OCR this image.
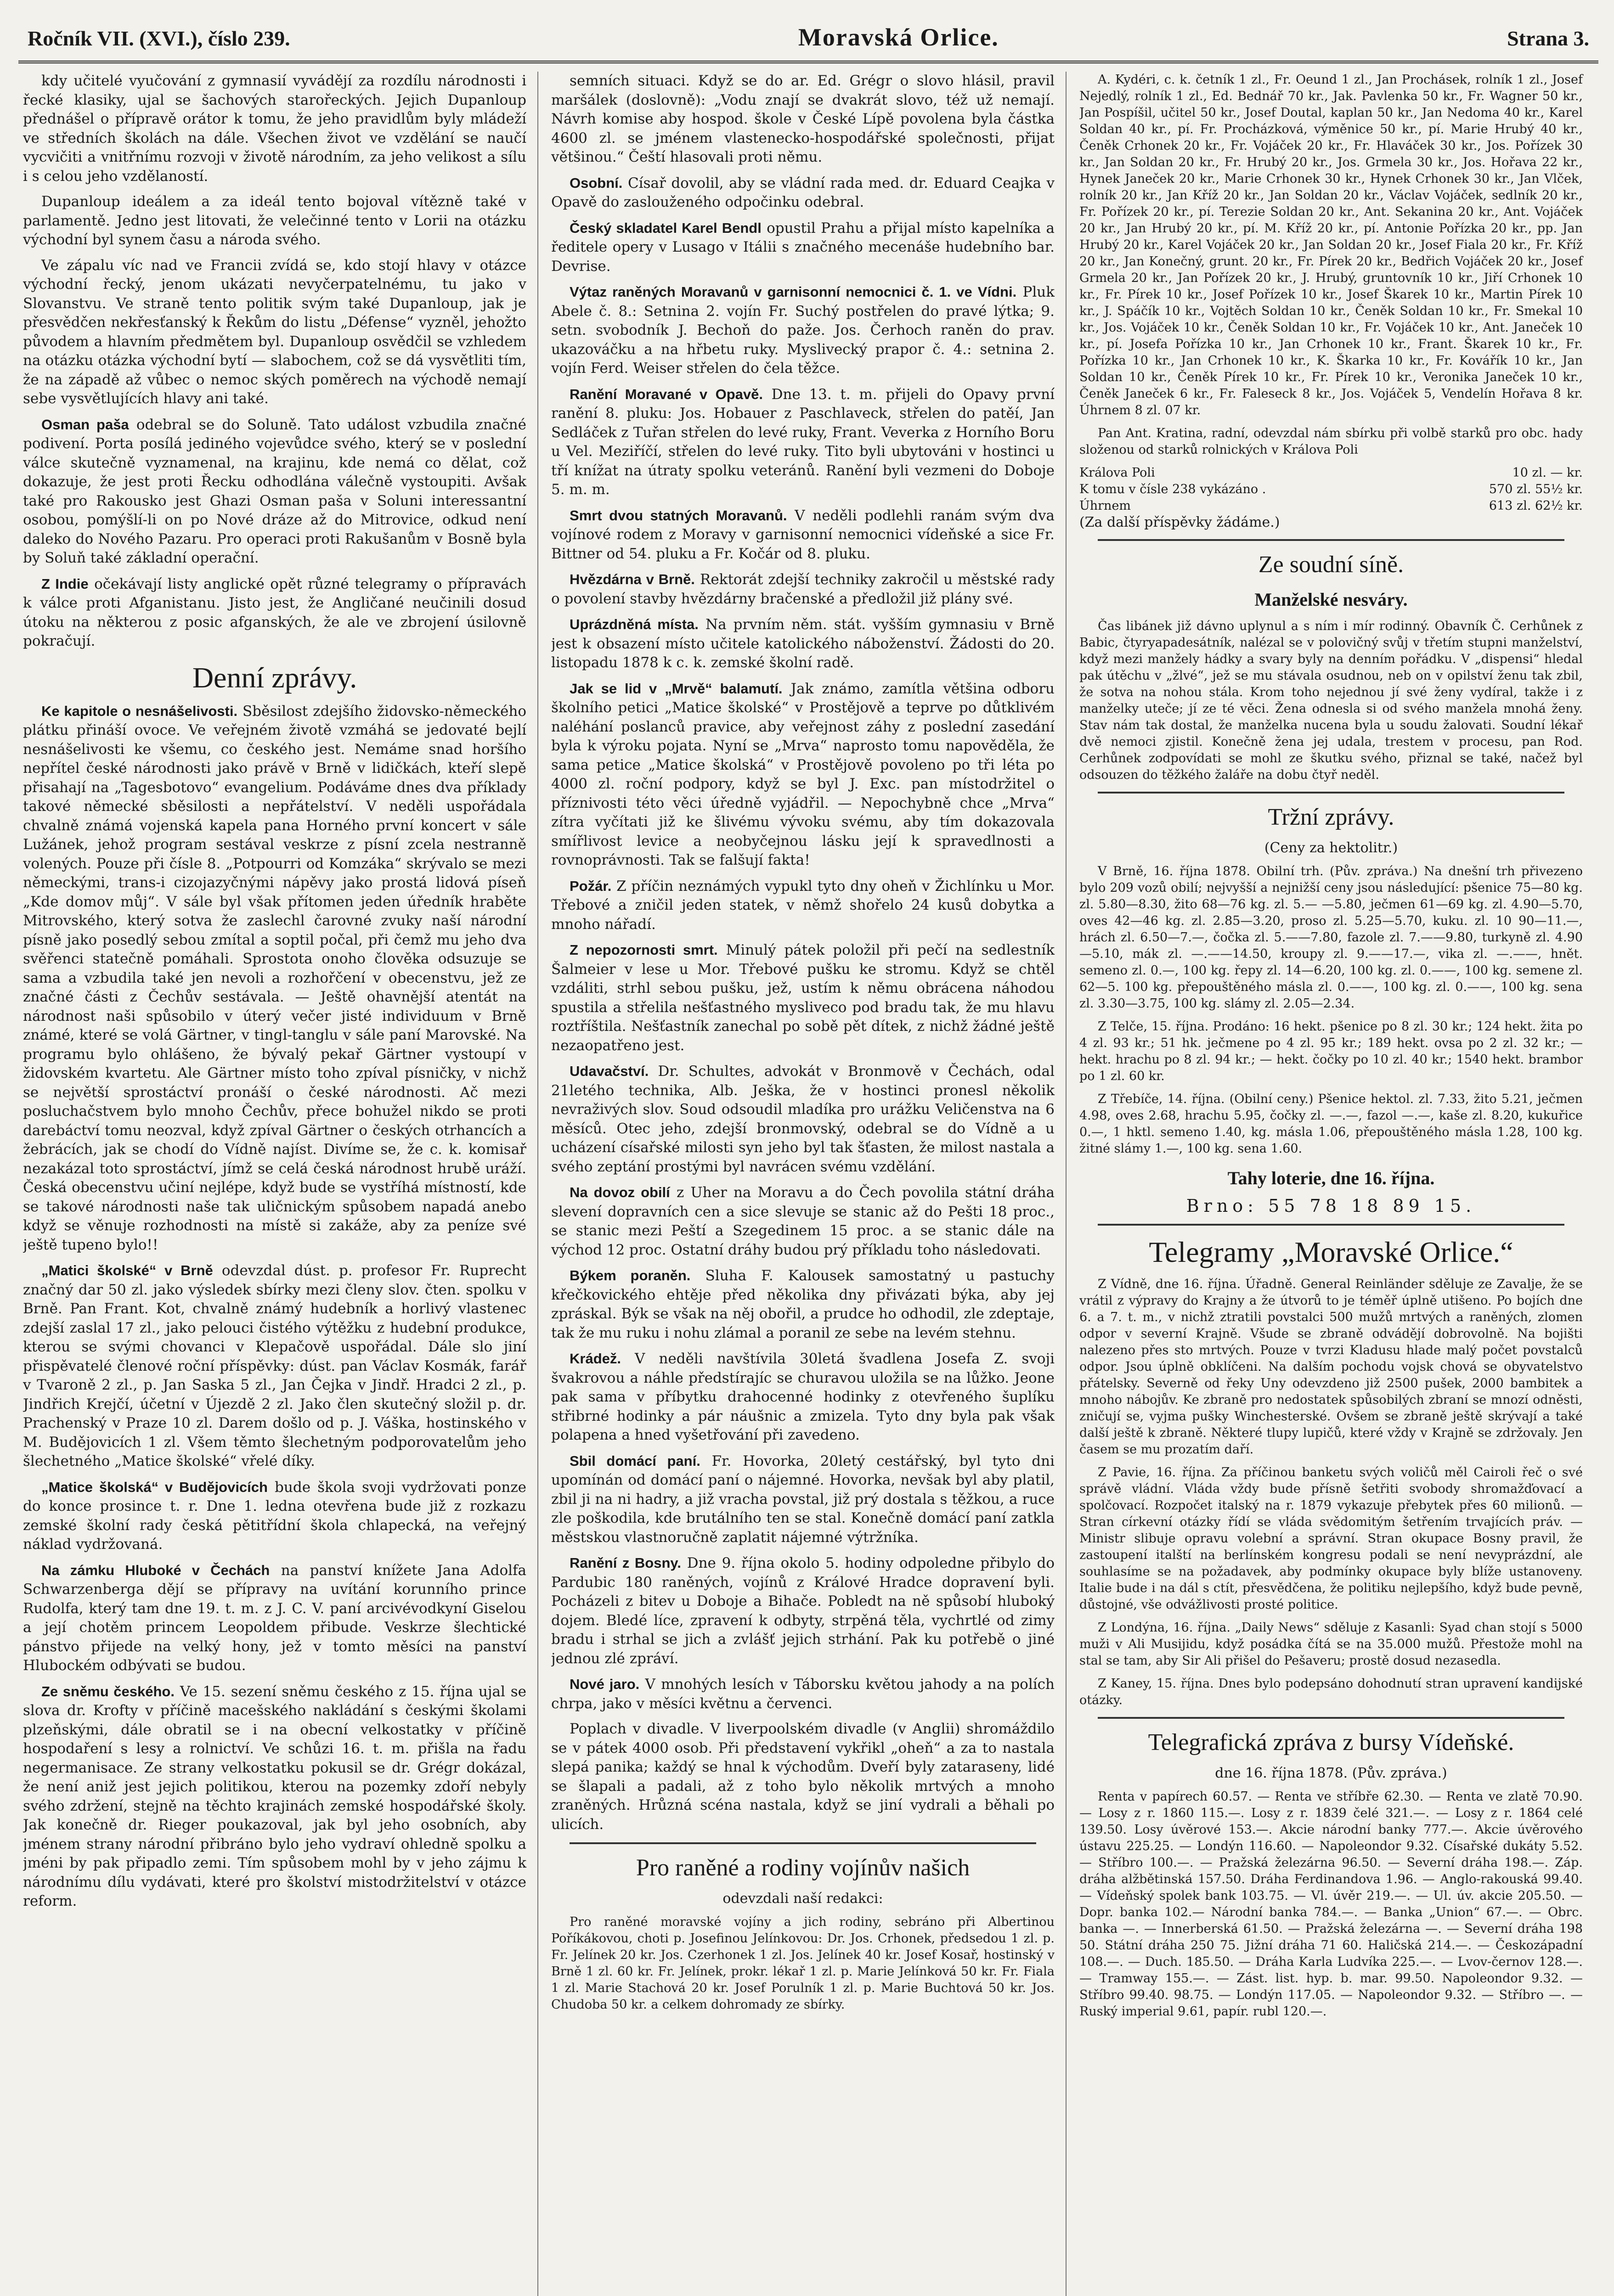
Ročník VII. (XVI.), číslo 239.	Moravská Orlice.	Strana 3.

kdy učitelé vyučování z gymnasií vyvádějí za rozdílu národnosti i řecké klasiky, ujal se šachových starořeckých. Jejich Dupanloup přednášel o přípravě orátor k tomu, že jeho pravidlům byly mládeží ve středních školách na dále. Všechen život ve vzdělání se naučí vycvičiti a vnitřnímu rozvoji v životě národním, za jeho velikost a sílu i s celou jeho vzdělaností.

Dupanloup ideálem a za ideál tento bojoval vítězně také v parlamentě. Jedno jest litovati, že velečinné tento v Lorii na otázku východní byl synem času a národa svého.

Ve zápalu víc nad ve Francii zvídá se, kdo stojí hlavy v otázce východní řecký, jenom ukázati nevyčerpatelnému, tu jako v Slovanstvu. Ve straně tento politik svým také Dupanloup, jak je přesvědčen nekřesťanský k Řekům do listu „Défense“ vyzněl, jehožto původem a hlavním předmětem byl. Dupanloup osvědčil se vzhledem na otázku otázka východní bytí — slabochem, což se dá vysvětliti tím, že na západě až vůbec o nemoc ských poměrech na východě nemají sebe vysvětlujících hlavy ani také.

Osman paša odebral se do Soluně. Tato událost vzbudila značné podivení. Porta posílá jediného vojevůdce svého, který se v poslední válce skutečně vyznamenal, na krajinu, kde nemá co dělat, což dokazuje, že jest proti Řecku odhodlána válečně vystoupiti. Avšak také pro Rakousko jest Ghazi Osman paša v Soluni interessantní osobou, pomýšlí-li on po Nové dráze až do Mitrovice, odkud není daleko do Nového Pazaru. Pro operaci proti Rakušanům v Bosně byla by Soluň také základní operační.

Z Indie očekávají listy anglické opět různé telegramy o přípravách k válce proti Afganistanu. Jisto jest, že Angličané neučinili dosud útoku na některou z posic afganských, že ale ve zbrojení úsilovně pokračují.

Denní zprávy.

Ke kapitole o nesnášelivosti. Sběsilost zdejšího židovsko-německého plátku přináší ovoce. Ve veřejném životě vzmáhá se jedovaté bejlí nesnášelivosti ke všemu, co českého jest. Nemáme snad horšího nepřítel české národnosti jako právě v Brně v lidičkách, kteří slepě přisahají na „Tagesbotovo“ evangelium. Podáváme dnes dva příklady takové německé sběsilosti a nepřátelství. V neděli uspořádala chvalně známá vojenská kapela pana Horného první koncert v sále Lužánek, jehož program sestával veskrze z písní zcela nestranně volených. Pouze při čísle 8. „Potpourri od Komzáka“ skrývalo se mezi německými, trans-i cizojazyčnými nápěvy jako prostá lidová píseň „Kde domov můj“. V sále byl však přítomen jeden úředník hraběte Mitrovského, který sotva že zaslechl čarovné zvuky naší národní písně jako posedlý sebou zmítal a soptil počal, při čemž mu jeho dva svěřenci statečně pomáhali. Sprostota onoho člověka odsuzuje se sama a vzbudila také jen nevoli a rozhořčení v obecenstvu, jež ze značné části z Čechův sestávala. — Ještě ohavnější atentát na národnost naši spůsobilo v úterý večer jisté individuum v Brně známé, které se volá Gärtner, v tingl-tanglu v sále paní Marovské. Na programu bylo ohlášeno, že bývalý pekař Gärtner vystoupí v židovském kvartetu. Ale Gärtner místo toho zpíval písničky, v nichž se největší sprostáctví pronáší o české národnosti. Ač mezi posluchačstvem bylo mnoho Čechův, přece bohužel nikdo se proti darebáctví tomu neozval, když zpíval Gärtner o českých otrhancích a žebrácích, jak se chodí do Vídně najíst. Divíme se, že c. k. komisař nezakázal toto sprostáctví, jímž se celá česká národnost hrubě uráží. Česká obecenstvu učiní nejlépe, když bude se vystříhá místností, kde se takové národnosti naše tak uličnickým spůsobem napadá anebo když se věnuje rozhodnosti na místě si zakáže, aby za peníze své ještě tupeno bylo!!

„Matici školské“ v Brně odevzdal dúst. p. profesor Fr. Ruprecht značný dar 50 zl. jako výsledek sbírky mezi členy slov. čten. spolku v Brně. Pan Frant. Kot, chvalně známý hudebník a horlivý vlastenec zdejší zaslal 17 zl., jako pelouci čistého výtěžku z hudební produkce, kterou se svými chovanci v Klepačově uspořádal. Dále slo jiní přispěvatelé členové roční příspěvky: dúst. pan Václav Kosmák, farář v Tvaroně 2 zl., p. Jan Saska 5 zl., Jan Čejka v Jindř. Hradci 2 zl., p. Jindřich Krejčí, účetní v Újezdě 2 zl. Jako člen skutečný složil p. dr. Prachenský v Praze 10 zl. Darem došlo od p. J. Váška, hostinského v M. Budějovicích 1 zl. Všem těmto šlechetným podporovatelům jeho šlechetného „Matice školské“ vřelé díky.

„Matice školská“ v Budějovicích bude škola svoji vydržovati ponze do konce prosince t. r. Dne 1. ledna otevřena bude již z rozkazu zemské školní rady česká pětitřídní škola chlapecká, na veřejný náklad vydržovaná.

Na zámku Hluboké v Čechách na panství knížete Jana Adolfa Schwarzenberga dějí se přípravy na uvítání korunního prince Rudolfa, který tam dne 19. t. m. z J. C. V. paní arcivévodkyní Giselou a její chotěm princem Leopoldem přibude. Veskrze šlechtické pánstvo přijede na velký hony, jež v tomto měsíci na panství Hlubockém odbývati se budou.

Ze sněmu českého. Ve 15. sezení sněmu českého z 15. října ujal se slova dr. Krofty v příčině macešského nakládání s českými školami plzeňskými, dále obratil se i na obecní velkostatky v příčině hospodaření s lesy a rolnictví. Ve schůzi 16. t. m. přišla na řadu negermanisace. Ze strany velkostatku pokusil se dr. Grégr dokázal, že není aniž jest jejich politikou, kterou na pozemky zdoří nebyly svého zdržení, stejně na těchto krajinách zemské hospodářské školy. Jak konečně dr. Rieger poukazoval, jak byl jeho osobních, aby jménem strany národní přibráno bylo jeho vydraví ohledně spolku a jméni by pak připadlo zemi. Tím spůsobem mohl by v jeho zájmu k národnímu dílu vydávati, které pro školství mistodržitelství v otázce reform.

semních situaci. Když se do ar. Ed. Grégr o slovo hlásil, pravil maršálek (doslovně): „Vodu znají se dvakrát slovo, též už nemají. Návrh komise aby hospod. škole v České Lípě povolena byla částka 4600 zl. se jménem vlastenecko-hospodářské společnosti, přijat většinou.“ Čeští hlasovali proti němu.

Osobní. Císař dovolil, aby se vládní rada med. dr. Eduard Ceajka v Opavě do zaslouženého odpočinku odebral.

Český skladatel Karel Bendl opustil Prahu a přijal místo kapelníka a ředitele opery v Lusago v Itálii s značného mecenáše hudebního bar. Devrise.

Výtaz raněných Moravanů v garnisonní nemocnici č. 1. ve Vídni. Pluk Abele č. 8.: Setnina 2. vojín Fr. Suchý postřelen do pravé lýtka; 9. setn. svobodník J. Bechoň do paže. Jos. Čerhoch raněn do prav. ukazováčku a na hřbetu ruky. Myslivecký prapor č. 4.: setnina 2. vojín Ferd. Weiser střelen do čela těžce.

Ranění Moravané v Opavě. Dne 13. t. m. přijeli do Opavy první ranění 8. pluku: Jos. Hobauer z Paschlaveck, střelen do patěí, Jan Sedláček z Tuřan střelen do levé ruky, Frant. Veverka z Horního Boru u Vel. Meziříčí, střelen do levé ruky. Tito byli ubytováni v hostinci u tří knížat na útraty spolku veteránů. Ranění byli vezmeni do Doboje 5. m. m.

Smrt dvou statných Moravanů. V neděli podlehli ranám svým dva vojínové rodem z Moravy v garnisonní nemocnici vídeňské a sice Fr. Bittner od 54. pluku a Fr. Kočár od 8. pluku.

Hvězdárna v Brně. Rektorát zdejší techniky zakročil u městské rady o povolení stavby hvězdárny bračenské a předložil již plány své.

Uprázdněná místa. Na prvním něm. stát. vyšším gymnasiu v Brně jest k obsazení místo učitele katolického náboženství. Žádosti do 20. listopadu 1878 k c. k. zemské školní radě.

Jak se lid v „Mrvě“ balamutí. Jak známo, zamítla většina odboru školního petici „Matice školské“ v Prostějově a teprve po důtklivém naléhání poslanců pravice, aby veřejnost záhy z poslední zasedání byla k výroku pojata. Nyní se „Mrva“ naprosto tomu napověděla, že sama petice „Matice školská“ v Prostějově povoleno po tři léta po 4000 zl. roční podpory, když se byl J. Exc. pan místodržitel o příznivosti této věci úředně vyjádřil. — Nepochybně chce „Mrva“ zítra vyčítati již ke šlivému vývoku svému, aby tím dokazovala smířlivost levice a neobyčejnou lásku její k spravedlnosti a rovnoprávnosti. Tak se falšují fakta!

Požár. Z příčin neznámých vypukl tyto dny oheň v Žichlínku u Mor. Třebové a zničil jeden statek, v němž shořelo 24 kusů dobytka a mnoho nářadí.

Z nepozornosti smrt. Minulý pátek položil při pečí na sedlestník Šalmeier v lese u Mor. Třebové pušku ke stromu. Když se chtěl vzdáliti, strhl sebou pušku, jež, ustím k němu obrácena náhodou spustila a střelila nešťastného mysliveco pod bradu tak, že mu hlavu roztříštila. Nešťastník zanechal po sobě pět dítek, z nichž žádné ještě nezaopatřeno jest.

Udavačství. Dr. Schultes, advokát v Bronmově v Čechách, odal 21letého technika, Alb. Ješka, že v hostinci pronesl několik nevraživých slov. Soud odsoudil mladíka pro urážku Veličenstva na 6 měsíců. Otec jeho, zdejší bronmovský, odebral se do Vídně a u ucházení císařské milosti syn jeho byl tak šťasten, že milost nastala a svého zeptání prostými byl navrácen svému vzdělání.

Na dovoz obilí z Uher na Moravu a do Čech povolila státní dráha slevení dopravních cen a sice slevuje se stanic až do Pešti 18 proc., se stanic mezi Peští a Szegedinem 15 proc. a se stanic dále na východ 12 proc. Ostatní dráhy budou prý příkladu toho následovati.

Býkem poraněn. Sluha F. Kalousek samostatný u pastuchy křečkovického ehtěje před několika dny přivázati býka, aby jej zpráskal. Býk se však na něj obořil, a prudce ho odhodil, zle zdeptaje, tak že mu ruku i nohu zlámal a poranil ze sebe na levém stehnu.

Krádež. V neděli navštívila 30letá švadlena Josefa Z. svoji švakrovou a náhle předstírajíc se churavou uložila se na lůžko. Jeone pak sama v příbytku drahocenné hodinky z otevřeného šuplíku střibrné hodinky a pár náušnic a zmizela. Tyto dny byla pak však polapena a hned vyšetřování při zavedeno.

Sbil domácí paní. Fr. Hovorka, 20letý cestářský, byl tyto dni upomínán od domácí paní o nájemné. Hovorka, nevšak byl aby platil, zbil ji na ni hadry, a již vracha povstal, již prý dostala s těžkou, a ruce zle poškodila, kde brutálního ten se stal. Konečně domácí paní zatkla městskou vlastnoručně zaplatit nájemné výtržníka.

Ranění z Bosny. Dne 9. října okolo 5. hodiny odpoledne přibylo do Pardubic 180 raněných, vojínů z Králové Hradce dopravení byli. Pocházeli z bitev u Doboje a Bihače. Pobledt na ně spůsobí hluboký dojem. Bledé líce, zpravení k odbyty, strpěná těla, vychrtlé od zimy bradu i strhal se jich a zvlášť jejich strhání. Pak ku potřebě o jiné jednou zlé zpráví.

Nové jaro. V mnohých lesích v Táborsku květou jahody a na polích chrpa, jako v měsíci květnu a červenci.

Poplach v divadle. V liverpoolském divadle (v Anglii) shromáždilo se v pátek 4000 osob. Při představení vykřikl „oheň“ a za to nastala slepá panika; každý se hnal k východům. Dveří byly zataraseny, lidé se šlapali a padali, až z toho bylo několik mrtvých a mnoho zraněných. Hrůzná scéna nastala, když se jiní vydrali a běhali po ulicích.

Pro raněné a rodiny vojínův našich
odevzdali naší redakci:

Pro raněné moravské vojíny a jich rodiny, sebráno při Albertinou Poříkákovou, choti p. Josefinou Jelínkovou: Dr. Jos. Crhonek, předsedou 1 zl. p. Fr. Jelínek 20 kr. Jos. Czerhonek 1 zl. Jos. Jelínek 40 kr. Josef Kosař, hostinský v Brně 1 zl. 60 kr. Fr. Jelínek, prokr. lékař 1 zl. p. Marie Jelínková 50 kr. Fr. Fiala 1 zl. Marie Stachová 20 kr. Josef Porulník 1 zl. p. Marie Buchtová 50 kr. Jos. Chudoba 50 kr. a celkem dohromady ze sbírky.

A. Kydéri, c. k. četník 1 zl., Fr. Oeund 1 zl., Jan Prochásek, rolník 1 zl., Josef Nejedlý, rolník 1 zl., Ed. Bednář 70 kr., Jak. Pavlenka 50 kr., Fr. Wagner 50 kr., Jan Pospíšil, učitel 50 kr., Josef Doutal, kaplan 50 kr., Jan Nedoma 40 kr., Karel Soldan 40 kr., pí. Fr. Procházková, výměnice 50 kr., pí. Marie Hrubý 40 kr., Čeněk Crhonek 20 kr., Fr. Vojáček 20 kr., Fr. Hlaváček 30 kr., Jos. Pořízek 30 kr., Jan Soldan 20 kr., Fr. Hrubý 20 kr., Jos. Grmela 30 kr., Jos. Hořava 22 kr., Hynek Janeček 20 kr., Marie Crhonek 30 kr., Hynek Crhonek 30 kr., Jan Vlček, rolník 20 kr., Jan Kříž 20 kr., Jan Soldan 20 kr., Václav Vojáček, sedlník 20 kr., Fr. Pořízek 20 kr., pí. Terezie Soldan 20 kr., Ant. Sekanina 20 kr., Ant. Vojáček 20 kr., Jan Hrubý 20 kr., pí. M. Kříž 20 kr., pí. Antonie Pořízka 20 kr., pp. Jan Hrubý 20 kr., Karel Vojáček 20 kr., Jan Soldan 20 kr., Josef Fiala 20 kr., Fr. Kříž 20 kr., Jan Konečný, grunt. 20 kr., Fr. Pírek 20 kr., Bedřich Vojáček 20 kr., Josef Grmela 20 kr., Jan Pořízek 20 kr., J. Hrubý, gruntovník 10 kr., Jiří Crhonek 10 kr., Fr. Pírek 10 kr., Josef Pořízek 10 kr., Josef Škarek 10 kr., Martin Pírek 10 kr., J. Spáčík 10 kr., Vojtěch Soldan 10 kr., Čeněk Soldan 10 kr., Fr. Smekal 10 kr., Jos. Vojáček 10 kr., Čeněk Soldan 10 kr., Fr. Vojáček 10 kr., Ant. Janeček 10 kr., pí. Josefa Pořízka 10 kr., Jan Crhonek 10 kr., Frant. Škarek 10 kr., Fr. Pořízka 10 kr., Jan Crhonek 10 kr., K. Škarka 10 kr., Fr. Kovářík 10 kr., Jan Soldan 10 kr., Čeněk Pírek 10 kr., Fr. Pírek 10 kr., Veronika Janeček 10 kr., Čeněk Janeček 6 kr., Fr. Faleseck 8 kr., Jos. Vojáček 5, Vendelín Hořava 8 kr. Úhrnem 8 zl. 07 kr.

Pan Ant. Kratina, radní, odevzdal nám sbírku při volbě starků pro obc. hady složenou od starků rolnických v Králova Poli

Králova Poli	10 zl. — kr.
K tomu v čísle 238 vykázáno .	570 zl. 55½ kr.
Úhrnem	613 zl. 62½ kr.
(Za další příspěvky žádáme.)
Ze soudní síně.
Manželské nesváry.

Čas libánek již dávno uplynul a s ním i mír rodinný. Obavník Č. Cerhůnek z Babic, čtyryapadesátník, nalézal se v polovičný svůj v třetím stupni manželství, když mezi manžely hádky a svary byly na denním pořádku. V „dispensi“ hledal pak útěchu v „žlvé“, jež se mu stávala osudnou, neb on v opilství ženu tak zbil, že sotva na nohou stála. Krom toho nejednou jí své ženy vydíral, takže i z manželky uteče; jí ze té věci. Žena odnesla si od svého manžela mnohá ženy. Stav nám tak dostal, že manželka nucena byla u soudu žalovati. Soudní lékař dvě nemoci zjistil. Konečně žena jej udala, trestem v procesu, pan Rod. Cerhůnek zodpovídati se mohl ze škutku svého, přiznal se také, načež byl odsouzen do těžkého žaláře na dobu čtyř neděl.

Tržní zprávy.
(Ceny za hektolitr.)

V Brně, 16. října 1878. Obilní trh. (Pův. zpráva.) Na dnešní trh přivezeno bylo 209 vozů obilí; nejvyšší a nejnižší ceny jsou následující: pšenice 75—80 kg. zl. 5.80—8.30, žito 68—76 kg. zl. 5.— —5.80, ječmen 61—69 kg. zl. 4.90—5.70, oves 42—46 kg. zl. 2.85—3.20, proso zl. 5.25—5.70, kuku. zl. 10 90—11.—, hrách zl. 6.50—7.—, čočka zl. 5.——7.80, fazole zl. 7.——9.80, turkyně zl. 4.90—5.10, mák zl. —.——14.50, kroupy zl. 9.——17.—, vika zl. —.——, hnět. semeno zl. 0.—, 100 kg. řepy zl. 14—6.20, 100 kg. zl. 0.——, 100 kg. semene zl. 62—5. 100 kg. přepouštěného másla zl. 0.——, 100 kg. zl. 0.——, 100 kg. sena zl. 3.30—3.75, 100 kg. slámy zl. 2.05—2.34.

Z Telče, 15. října. Prodáno: 16 hekt. pšenice po 8 zl. 30 kr.; 124 hekt. žita po 4 zl. 93 kr.; 51 hk. ječmene po 4 zl. 95 kr.; 189 hekt. ovsa po 2 zl. 32 kr.; — hekt. hrachu po 8 zl. 94 kr.; — hekt. čočky po 10 zl. 40 kr.; 1540 hekt. brambor po 1 zl. 60 kr.

Z Třebíče, 14. října. (Obilní ceny.) Pšenice hektol. zl. 7.33, žito 5.21, ječmen 4.98, oves 2.68, hrachu 5.95, čočky zl. —.—, fazol —.—, kaše zl. 8.20, kukuřice 0.—, 1 hktl. semeno 1.40, kg. másla 1.06, přepouštěného másla 1.28, 100 kg. žitné slámy 1.—, 100 kg. sena 1.60.

Tahy loterie, dne 16. října.
Brno: 55 78 18 89 15.
Telegramy „Moravské Orlice.“

Z Vídně, dne 16. října. Úřadně. General Reinländer sděluje ze Zavalje, že se vrátil z výpravy do Krajny a že útvorů to je téměř úplně utišeno. Po bojích dne 6. a 7. t. m., v nichž ztratili povstalci 500 mužů mrtvých a raněných, zlomen odpor v severní Krajně. Všude se zbraně odvádějí dobrovolně. Na bojišti nalezeno přes sto mrtvých. Pouze v tvrzi Kladusu hlade malý počet povstalců odpor. Jsou úplně obklíčeni. Na dalším pochodu vojsk chová se obyvatelstvo přátelsky. Severně od řeky Uny odevzdeno již 2500 pušek, 2000 bambitek a mnoho nábojův. Ke zbraně pro nedostatek spůsobilých zbraní se mnozí odněsti, zničují se, vyjma pušky Winchesterské. Ovšem se zbraně ještě skrývají a také další ještě k zbraně. Některé tlupy lupičů, které vždy v Krajně se zdržovaly. Jen časem se mu prozatím daří.

Z Pavie, 16. října. Za příčinou banketu svých voličů měl Cairoli řeč o své správě vládní. Vláda vždy bude přísně šetřiti svobody shromažďovací a spolčovací. Rozpočet italský na r. 1879 vykazuje přebytek přes 60 milionů. — Stran církevní otázky řídí se vláda svědomitým šetřením trvajících práv. — Ministr slibuje opravu volební a správní. Stran okupace Bosny pravil, že zastoupení italští na berlínském kongresu podali se není nevyprázdní, ale souhlasíme se na požadavek, aby podmínky okupace byly blíže ustanoveny. Italie bude i na dál s ctít, přesvědčena, že politiku nejlepšího, když bude pevně, důstojné, vše odvážlivosti prosté politice.

Z Londýna, 16. října. „Daily News“ sděluje z Kasanli: Syad chan stojí s 5000 muži v Ali Musijidu, když posádka čítá se na 35.000 mužů. Přestože mohl na stal se tam, aby Sir Ali přišel do Pešaveru; prostě dosud nezasedla.

Z Kaney, 15. října. Dnes bylo podepsáno dohodnutí stran upravení kandijské otázky.

Telegrafická zpráva z bursy Vídeňské.
dne 16. října 1878. (Pův. zpráva.)

Renta v papírech 60.57. — Renta ve stříbře 62.30. — Renta ve zlatě 70.90. — Losy z r. 1860 115.—. Losy z r. 1839 čelé 321.—. — Losy z r. 1864 celé 139.50. Losy úvěrové 153.—. Akcie národní banky 777.—. Akcie úvěrového ústavu 225.25. — Londýn 116.60. — Napoleondor 9.32. Císařské dukáty 5.52. — Stříbro 100.—. — Pražská železárna 96.50. — Severní dráha 198.—. Záp. dráha alžbětinská 157.50. Dráha Ferdinandova 1.96. — Anglo-rakouská 99.40. — Vídeňský spolek bank 103.75. — Vl. úvěr 219.—. — Ul. úv. akcie 205.50. — Dopr. banka 102.— Národní banka 784.—. — Banka „Union“ 67.—. — Obrc. banka —. — Innerberská 61.50. — Pražská železárna —. — Severní dráha 198 50. Státní dráha 250 75. Jižní dráha 71 60. Haličská 214.—. — Českozápadní 108.—. — Duch. 185.50. — Dráha Karla Ludvíka 225.—. — Lvov-černov 128.—. — Tramway 155.—. — Zást. list. hyp. b. mar. 99.50. Napoleondor 9.32. — Stříbro 99.40. 98.75. — Londýn 117.05. — Napoleondor 9.32. — Stříbro —. — Ruský imperial 9.61, papír. rubl 120.—.
